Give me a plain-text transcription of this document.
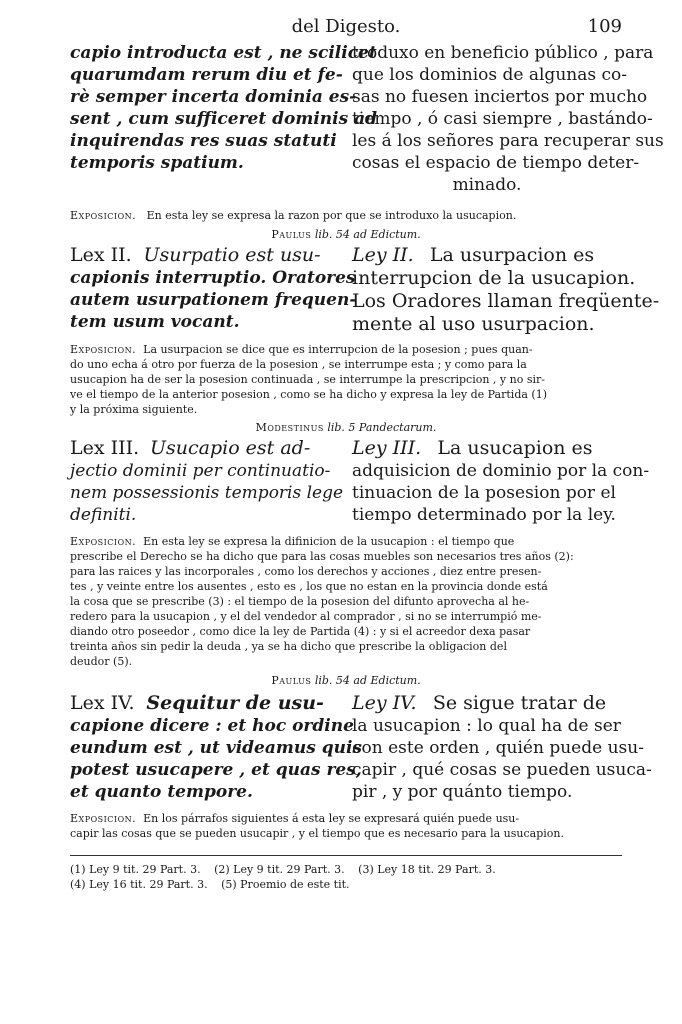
del Digesto.	109
capio introducta est , ne scilicet
quarumdam rerum diu et fe-
rè semper incerta dominia es-
sent , cum sufficeret dominis ad
inquirendas res suas statuti
temporis spatium.
troduxo en beneficio público , para
que los dominios de algunas co-
sas no fuesen inciertos por mucho
tiempo , ó casi siempre , bastándo-
les á los señores para recuperar sus
cosas el espacio de tiempo deter-
minado.
Exposicion. En esta ley se expresa la razon por que se introduxo la usucapion.
Paulus lib. 54 ad Edictum.
Lex II. Usurpatio est usu-
capionis interruptio. Oratores
autem usurpationem frequen-
tem usum vocant.
Ley II. La usurpacion es
interrupcion de la usucapion.
Los Oradores llaman freqüente-
mente al uso usurpacion.
Exposicion. La usurpacion se dice que es interrupcion de la posesion ; pues quan-
do uno echa á otro por fuerza de la posesion , se interrumpe esta ; y como para la
usucapion ha de ser la posesion continuada , se interrumpe la prescripcion , y no sir-
ve el tiempo de la anterior posesion , como se ha dicho y expresa la ley de Partida (1)
y la próxima siguiente.
Modestinus lib. 5 Pandectarum.
Lex III. Usucapio est ad-
jectio dominii per continuatio-
nem possessionis temporis lege
definiti.
Ley III. La usucapion es
adquisicion de dominio por la con-
tinuacion de la posesion por el
tiempo determinado por la ley.
Exposicion. En esta ley se expresa la difinicion de la usucapion : el tiempo que
prescribe el Derecho se ha dicho que para las cosas muebles son necesarios tres años (2):
para las raices y las incorporales , como los derechos y acciones , diez entre presen-
tes , y veinte entre los ausentes , esto es , los que no estan en la provincia donde está
la cosa que se prescribe (3) : el tiempo de la posesion del difunto aprovecha al he-
redero para la usucapion , y el del vendedor al comprador , si no se interrumpió me-
diando otro poseedor , como dice la ley de Partida (4) : y si el acreedor dexa pasar
treinta años sin pedir la deuda , ya se ha dicho que prescribe la obligacion del
deudor (5).
Paulus lib. 54 ad Edictum.
Lex IV. Sequitur de usu-
capione dicere : et hoc ordine
eundum est , ut videamus quis
potest usucapere , et quas res,
et quanto tempore.
Ley IV. Se sigue tratar de
la usucapion : lo qual ha de ser
con este orden , quién puede usu-
capir , qué cosas se pueden usuca-
pir , y por quánto tiempo.
Exposicion. En los párrafos siguientes á esta ley se expresará quién puede usu-
capir las cosas que se pueden usucapir , y el tiempo que es necesario para la usucapion.
(1) Ley 9 tit. 29 Part. 3. (2) Ley 9 tit. 29 Part. 3. (3) Ley 18 tit. 29 Part. 3.
(4) Ley 16 tit. 29 Part. 3. (5) Proemio de este tit.
